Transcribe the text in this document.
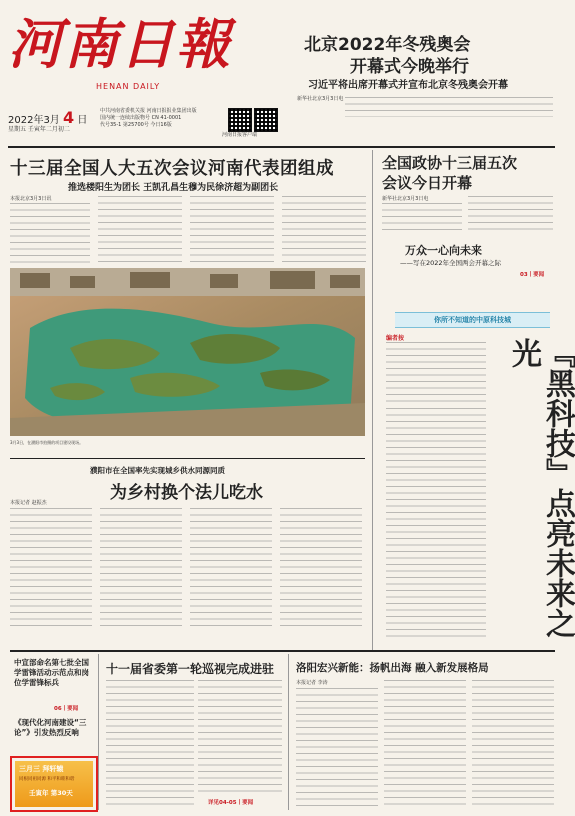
河南日報
HENAN DAILY
2022年3月 4 日
星期五 壬寅年二月初二
中共河南省委机关报 河南日报报业集团出版
国内统一连续出版物号 CN 41-0001
代号35-1 第25700号 今日16版
河南日报客户端
北京2022年冬残奥会
开幕式今晚举行
习近平将出席开幕式并宣布北京冬残奥会开幕
新华社北京3月3日电
十三届全国人大五次会议河南代表团组成
推选楼阳生为团长 王凯孔昌生穆为民徐济超为副团长
本报北京3月3日讯
3月3日，在濮阳市拍摄的项目建设现场。
全国政协十三届五次
会议今日开幕
新华社北京3月3日电
万众一心向未来
——写在2022年全国两会开幕之际
03丨要闻
你所不知道的中原科技城
编者按	『黑科技』点亮未来之光
濮阳市在全国率先实现城乡供水同源同质
为乡村换个法儿吃水
本报记者 赵振杰
中宣部命名第七批全国学雷锋活动示范点和岗位学雷锋标兵
06丨要闻
《现代化河南建设“三论”》引发热烈反响
三月三 拜轩辕
同根同祖同源 和平和睦和谐
壬寅年 第30天
十一届省委第一轮巡视完成进驻
详见04-05丨要闻
洛阳宏兴新能：扬帆出海 融入新发展格局
本报记者 李涛
